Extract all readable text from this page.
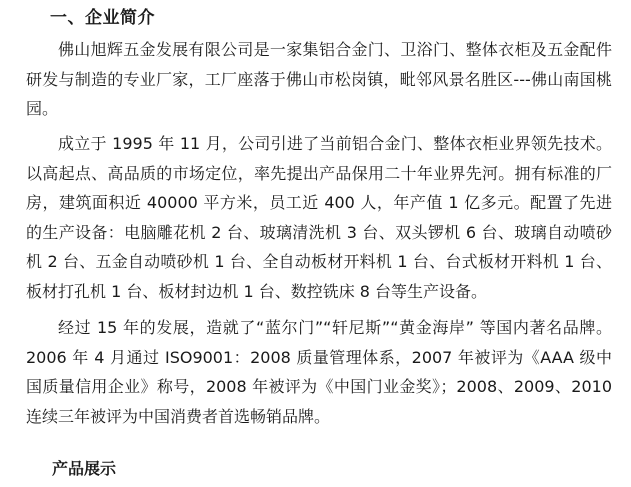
一、企业简介

佛山旭辉五金发展有限公司是一家集铝合金门、卫浴门、整体衣柜及五金配件研发与制造的专业厂家，工厂座落于佛山市松岗镇，毗邻风景名胜区---佛山南国桃园。

成立于 1995 年 11 月，公司引进了当前铝合金门、整体衣柜业界领先技术。以高起点、高品质的市场定位，率先提出产品保用二十年业界先河。拥有标准的厂房，建筑面积近 40000 平方米，员工近 400 人，年产值 1 亿多元。配置了先进的生产设备：电脑雕花机 2 台、玻璃清洗机 3 台、双头锣机 6 台、玻璃自动喷砂机 2 台、五金自动喷砂机 1 台、全自动板材开料机 1 台、台式板材开料机 1 台、板材打孔机 1 台、板材封边机 1 台、数控铣床 8 台等生产设备。

经过 15 年的发展，造就了“蓝尔门”“轩尼斯”“黄金海岸” 等国内著名品牌。 2006 年 4 月通过 ISO9001：2008 质量管理体系，2007 年被评为《AAA 级中国质量信用企业》称号，2008 年被评为《中国门业金奖》；2008、2009、2010 连续三年被评为中国消费者首选畅销品牌。

产品展示
